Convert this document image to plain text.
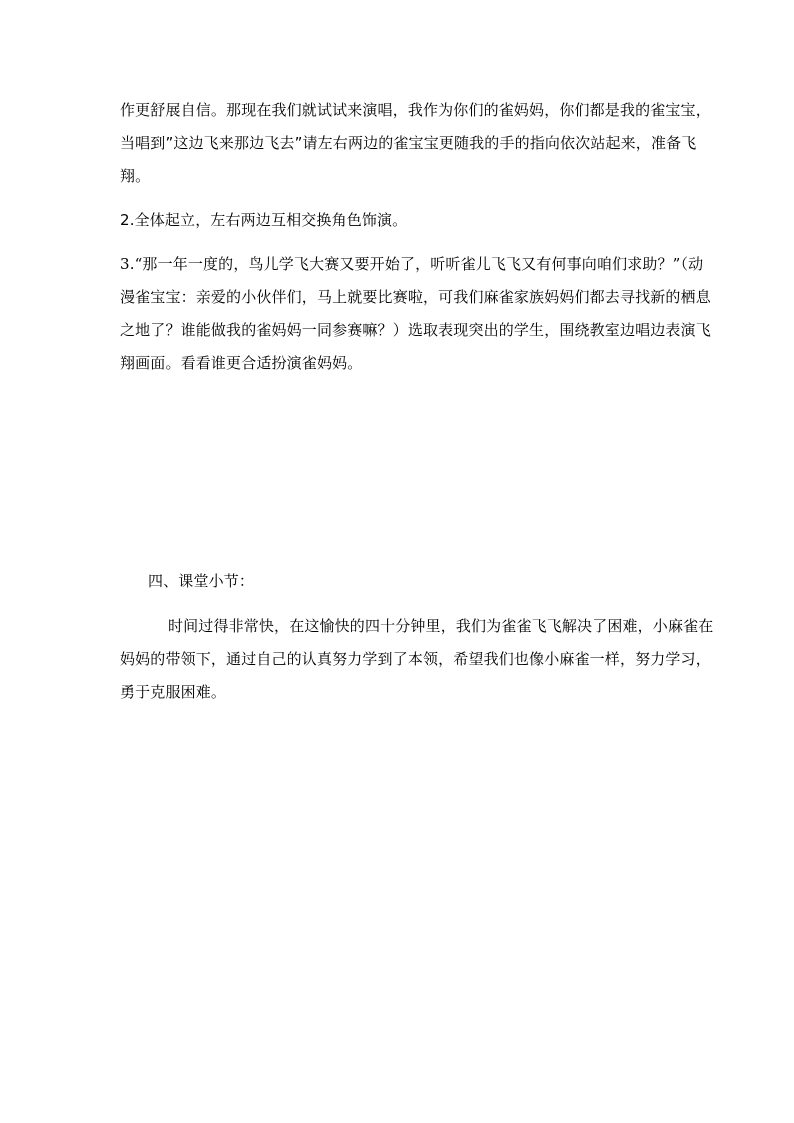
作更舒展自信。那现在我们就试试来演唱，我作为你们的雀妈妈，你们都是我的雀宝宝，

当唱到”这边飞来那边飞去”请左右两边的雀宝宝更随我的手的指向依次站起来，准备飞

翔。

2.全体起立，左右两边互相交换角色饰演。

3.“那一年一度的，鸟儿学飞大赛又要开始了，听听雀儿飞飞又有何事向咱们求助？”（动

漫雀宝宝：亲爱的小伙伴们，马上就要比赛啦，可我们麻雀家族妈妈们都去寻找新的栖息

之地了？谁能做我的雀妈妈一同参赛嘛？）选取表现突出的学生，围绕教室边唱边表演飞

翔画面。看看谁更合适扮演雀妈妈。

四、课堂小节：

时间过得非常快，在这愉快的四十分钟里，我们为雀雀飞飞解决了困难，小麻雀在

妈妈的带领下，通过自己的认真努力学到了本领，希望我们也像小麻雀一样，努力学习，

勇于克服困难。
